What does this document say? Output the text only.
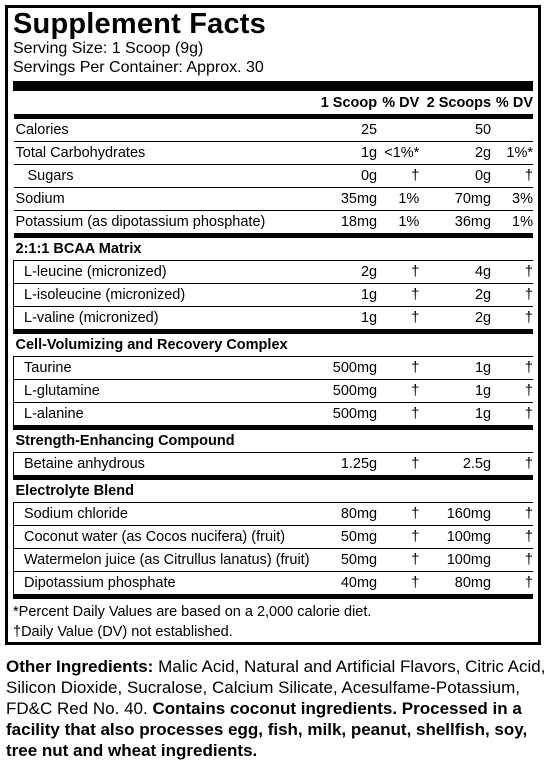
Supplement Facts
Serving Size: 1 Scoop (9g)
Servings Per Container: Approx. 30
	1 Scoop	% DV	2 Scoops	% DV
Calories	25		50	
Total Carbohydrates	1g	<1%*	2g	1%*
Sugars	0g	†	0g	†
Sodium	35mg	1%	70mg	3%
Potassium (as dipotassium phosphate)	18mg	1%	36mg	1%
2:1:1 BCAA Matrix				
L-leucine (micronized)	2g	†	4g	†
L-isoleucine (micronized)	1g	†	2g	†
L-valine (micronized)	1g	†	2g	†
Cell-Volumizing and Recovery Complex				
Taurine	500mg	†	1g	†
L-glutamine	500mg	†	1g	†
L-alanine	500mg	†	1g	†
Strength-Enhancing Compound				
Betaine anhydrous	1.25g	†	2.5g	†
Electrolyte Blend				
Sodium chloride	80mg	†	160mg	†
Coconut water (as Cocos nucifera) (fruit)	50mg	†	100mg	†
Watermelon juice (as Citrullus lanatus) (fruit)	50mg	†	100mg	†
Dipotassium phosphate	40mg	†	80mg	†
*Percent Daily Values are based on a 2,000 calorie diet.
†Daily Value (DV) not established.
Other Ingredients: Malic Acid, Natural and Artificial Flavors, Citric Acid, Silicon Dioxide, Sucralose, Calcium Silicate, Acesulfame-Potassium, FD&C Red No. 40. Contains coconut ingredients. Processed in a facility that also processes egg, fish, milk, peanut, shellfish, soy, tree nut and wheat ingredients.
